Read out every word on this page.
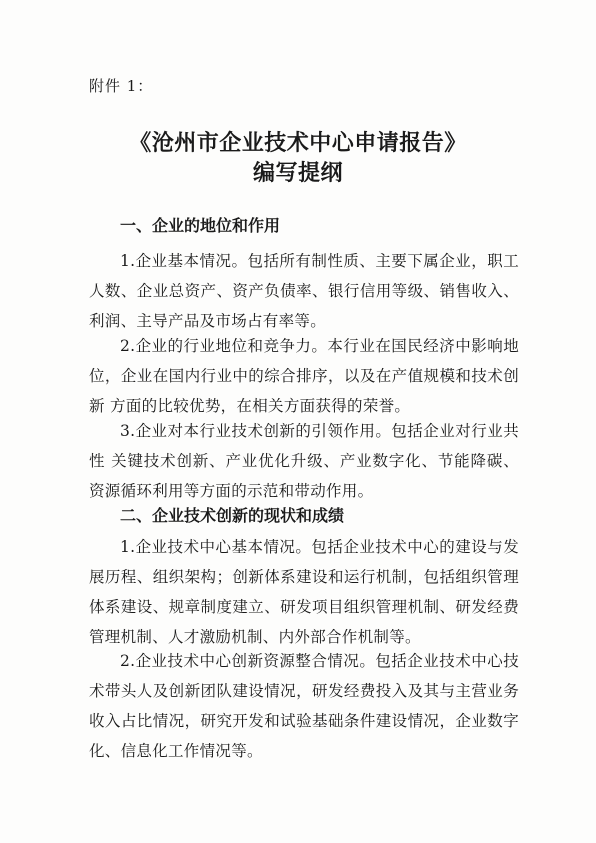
附件 1：
《沧州市企业技术中心申请报告》
编写提纲
一、企业的地位和作用
1.企业基本情况。包括所有制性质、主要下属企业，职工人数、企业总资产、资产负债率、银行信用等级、销售收入、利润、主导产品及市场占有率等。
2.企业的行业地位和竞争力。本行业在国民经济中影响地 位，企业在国内行业中的综合排序，以及在产值规模和技术创新 方面的比较优势，在相关方面获得的荣誉。
3.企业对本行业技术创新的引领作用。包括企业对行业共性 关键技术创新、产业优化升级、产业数字化、节能降碳、资源循环利用等方面的示范和带动作用。
二、企业技术创新的现状和成绩
1.企业技术中心基本情况。包括企业技术中心的建设与发展历程、组织架构；创新体系建设和运行机制，包括组织管理体系建设、规章制度建立、研发项目组织管理机制、研发经费管理机制、人才激励机制、内外部合作机制等。
2.企业技术中心创新资源整合情况。包括企业技术中心技术带头人及创新团队建设情况，研发经费投入及其与主营业务收入占比情况，研究开发和试验基础条件建设情况，企业数字化、信息化工作情况等。
